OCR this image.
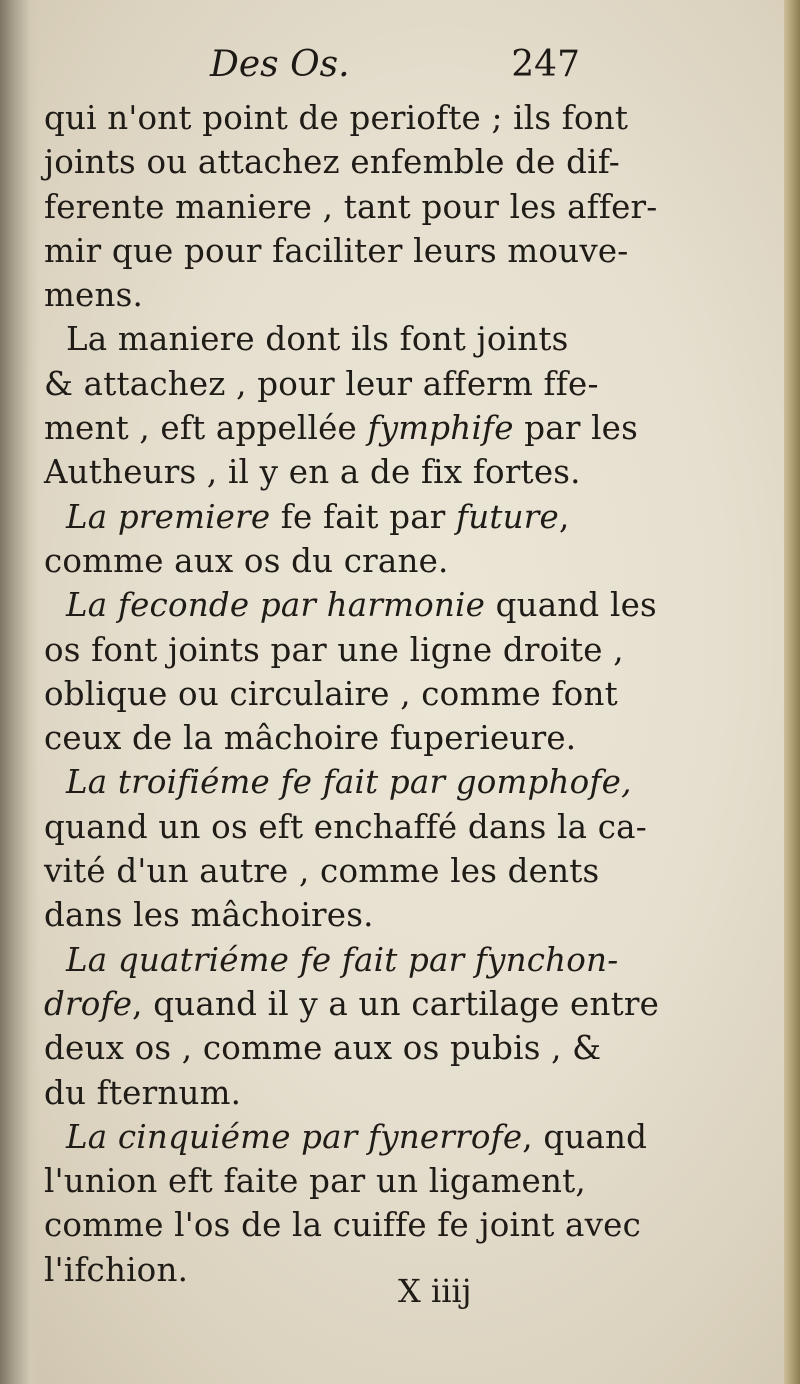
Des Os.	247
qui n'ont point de periofte ; ils font
joints ou attachez enfemble de dif-
ferente maniere , tant pour les affer-
mir que pour faciliter leurs mouve-
mens.
La maniere dont ils font joints
& attachez , pour leur afferm ffe-
ment , eft appellée fymphife par les
Autheurs , il y en a de fix fortes.
La premiere fe fait par future,
comme aux os du crane.
La feconde par harmonie quand les
os font joints par une ligne droite ,
oblique ou circulaire , comme font
ceux de la mâchoire fuperieure.
La troifiéme fe fait par gomphofe,
quand un os eft enchaffé dans la ca-
vité d'un autre , comme les dents
dans les mâchoires.
La quatriéme fe fait par fynchon-
drofe, quand il y a un cartilage entre
deux os , comme aux os pubis , &
du fternum.
La cinquiéme par fynerrofe, quand
l'union eft faite par un ligament,
comme l'os de la cuiffe fe joint avec
l'ifchion.
X iiij
